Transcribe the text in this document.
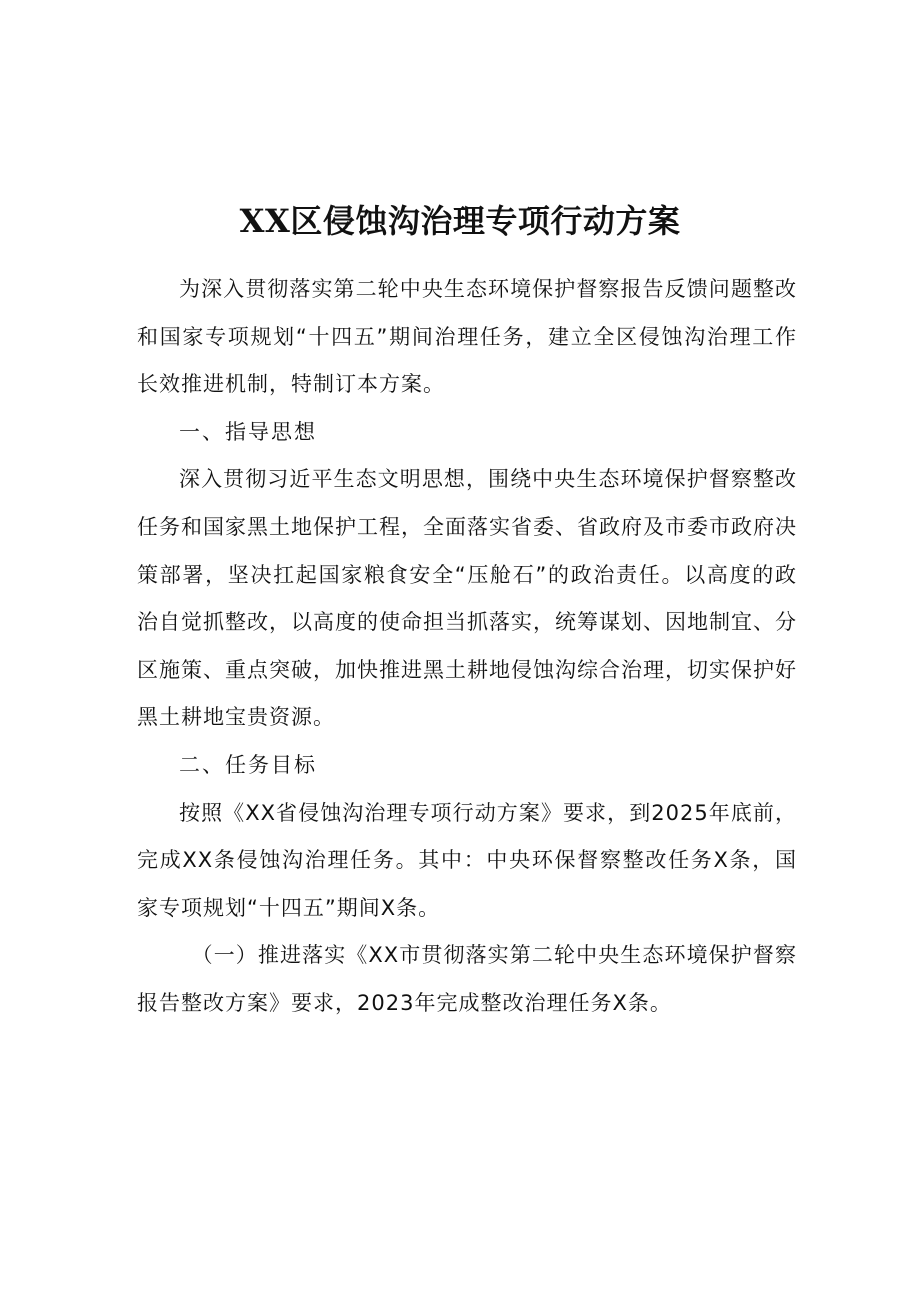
XX区侵蚀沟治理专项行动方案

为深入贯彻落实第二轮中央生态环境保护督察报告反馈问题整改和国家专项规划“十四五”期间治理任务，建立全区侵蚀沟治理工作长效推进机制，特制订本方案。

一、指导思想

深入贯彻习近平生态文明思想，围绕中央生态环境保护督察整改任务和国家黑土地保护工程，全面落实省委、省政府及市委市政府决策部署，坚决扛起国家粮食安全“压舱石”的政治责任。以高度的政治自觉抓整改，以高度的使命担当抓落实，统筹谋划、因地制宜、分区施策、重点突破，加快推进黑土耕地侵蚀沟综合治理，切实保护好黑土耕地宝贵资源。

二、任务目标

按照《XX省侵蚀沟治理专项行动方案》要求，到2025年底前，完成XX条侵蚀沟治理任务。其中：中央环保督察整改任务X条，国家专项规划“十四五”期间X条。

（一）推进落实《XX市贯彻落实第二轮中央生态环境保护督察报告整改方案》要求，2023年完成整改治理任务X条。
